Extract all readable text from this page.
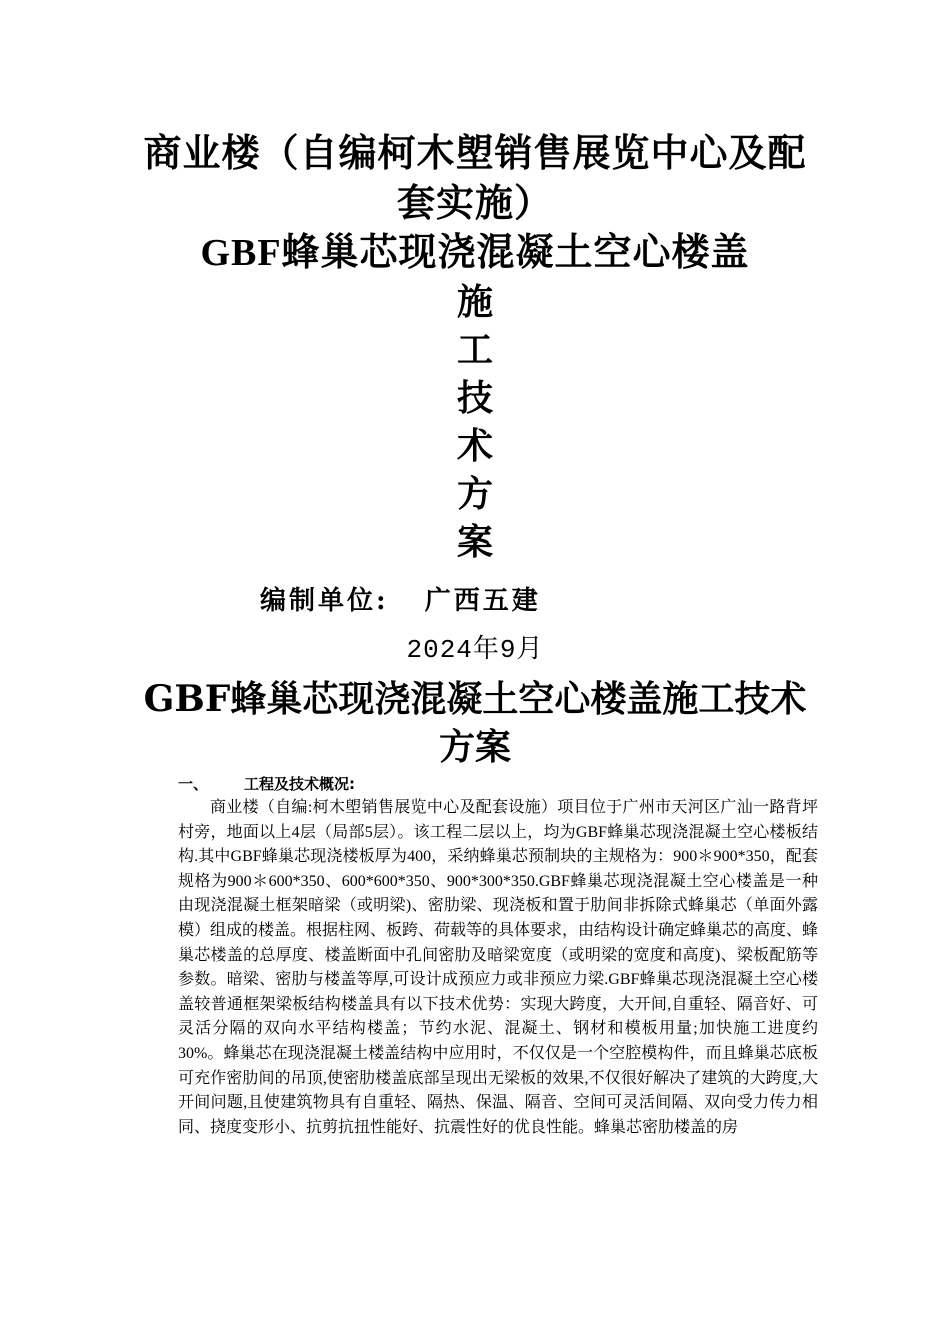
商业楼（自编柯木塱销售展览中心及配套实施）
GBF蜂巢芯现浇混凝土空心楼盖
施
工
技
术
方
案
编制单位: 广西五建
2024年9月
GBF蜂巢芯现浇混凝土空心楼盖施工技术方案
一、 工程及技术概况:

商业楼（自编:柯木塱销售展览中心及配套设施）项目位于广州市天河区广汕一路背坪村旁，地面以上4层（局部5层）。该工程二层以上，均为GBF蜂巢芯现浇混凝土空心楼板结构.其中GBF蜂巢芯现浇楼板厚为400，采纳蜂巢芯预制块的主规格为：900＊900*350，配套规格为900＊600*350、600*600*350、900*300*350.GBF蜂巢芯现浇混凝土空心楼盖是一种由现浇混凝土框架暗梁（或明梁)、密肋梁、现浇板和置于肋间非拆除式蜂巢芯（单面外露模）组成的楼盖。根据柱网、板跨、荷载等的具体要求，由结构设计确定蜂巢芯的高度、蜂巢芯楼盖的总厚度、楼盖断面中孔间密肋及暗梁宽度（或明梁的宽度和高度)、梁板配筋等参数。暗梁、密肋与楼盖等厚,可设计成预应力或非预应力梁.GBF蜂巢芯现浇混凝土空心楼盖较普通框架梁板结构楼盖具有以下技术优势：实现大跨度，大开间,自重轻、隔音好、可灵活分隔的双向水平结构楼盖；节约水泥、混凝土、钢材和模板用量;加快施工进度约30%。蜂巢芯在现浇混凝土楼盖结构中应用时，不仅仅是一个空腔模构件，而且蜂巢芯底板可充作密肋间的吊顶,使密肋楼盖底部呈现出无梁板的效果,不仅很好解决了建筑的大跨度,大开间问题,且使建筑物具有自重轻、隔热、保温、隔音、空间可灵活间隔、双向受力传力相同、挠度变形小、抗剪抗扭性能好、抗震性好的优良性能。蜂巢芯密肋楼盖的房
